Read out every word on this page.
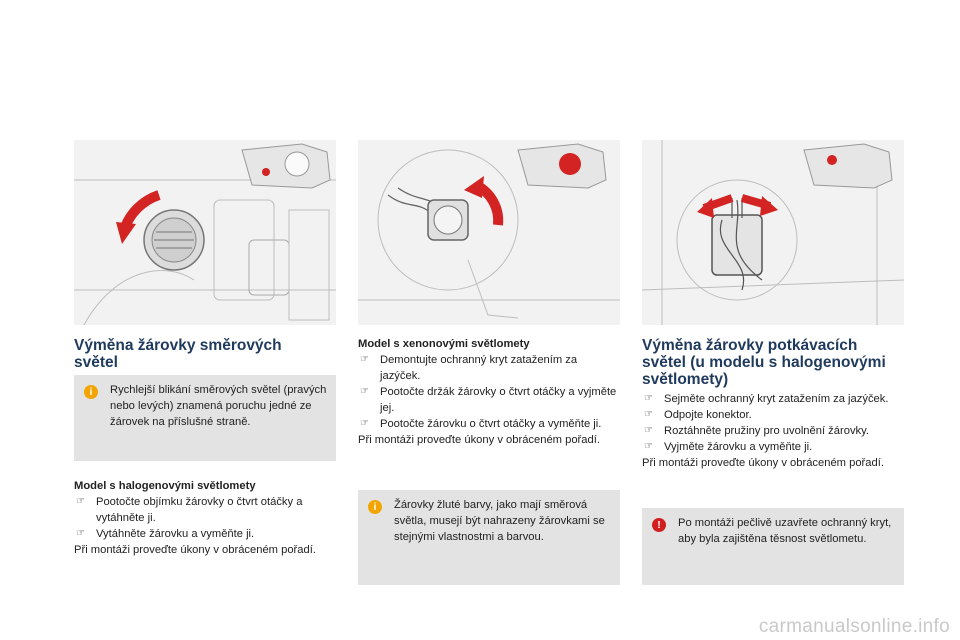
Výměna žárovky směrových světel
i	Rychlejší blikání směrových světel (pravých nebo levých) znamená poruchu jedné ze žárovek na příslušné straně.
Model s halogenovými světlomety
☞ Pootočte objímku žárovky o čtvrt otáčky a vytáhněte ji.
☞ Vytáhněte žárovku a vyměňte ji.
Při montáži proveďte úkony v obráceném pořadí.
Model s xenonovými světlomety
☞ Demontujte ochranný kryt zatažením za jazýček.
☞ Pootočte držák žárovky o čtvrt otáčky a vyjměte jej.
☞ Pootočte žárovku o čtvrt otáčky a vyměňte ji.
Při montáži proveďte úkony v obráceném pořadí.
i	Žárovky žluté barvy, jako mají směrová světla, musejí být nahrazeny žárovkami se stejnými vlastnostmi a barvou.
Výměna žárovky potkávacích světel (u modelu s halogenovými světlomety)
☞ Sejměte ochranný kryt zatažením za jazýček.
☞ Odpojte konektor.
☞ Roztáhněte pružiny pro uvolnění žárovky.
☞ Vyjměte žárovku a vyměňte ji.
Při montáži proveďte úkony v obráceném pořadí.
!	Po montáži pečlivě uzavřete ochranný kryt, aby byla zajištěna těsnost světlometu.
carmanualsonline.info
